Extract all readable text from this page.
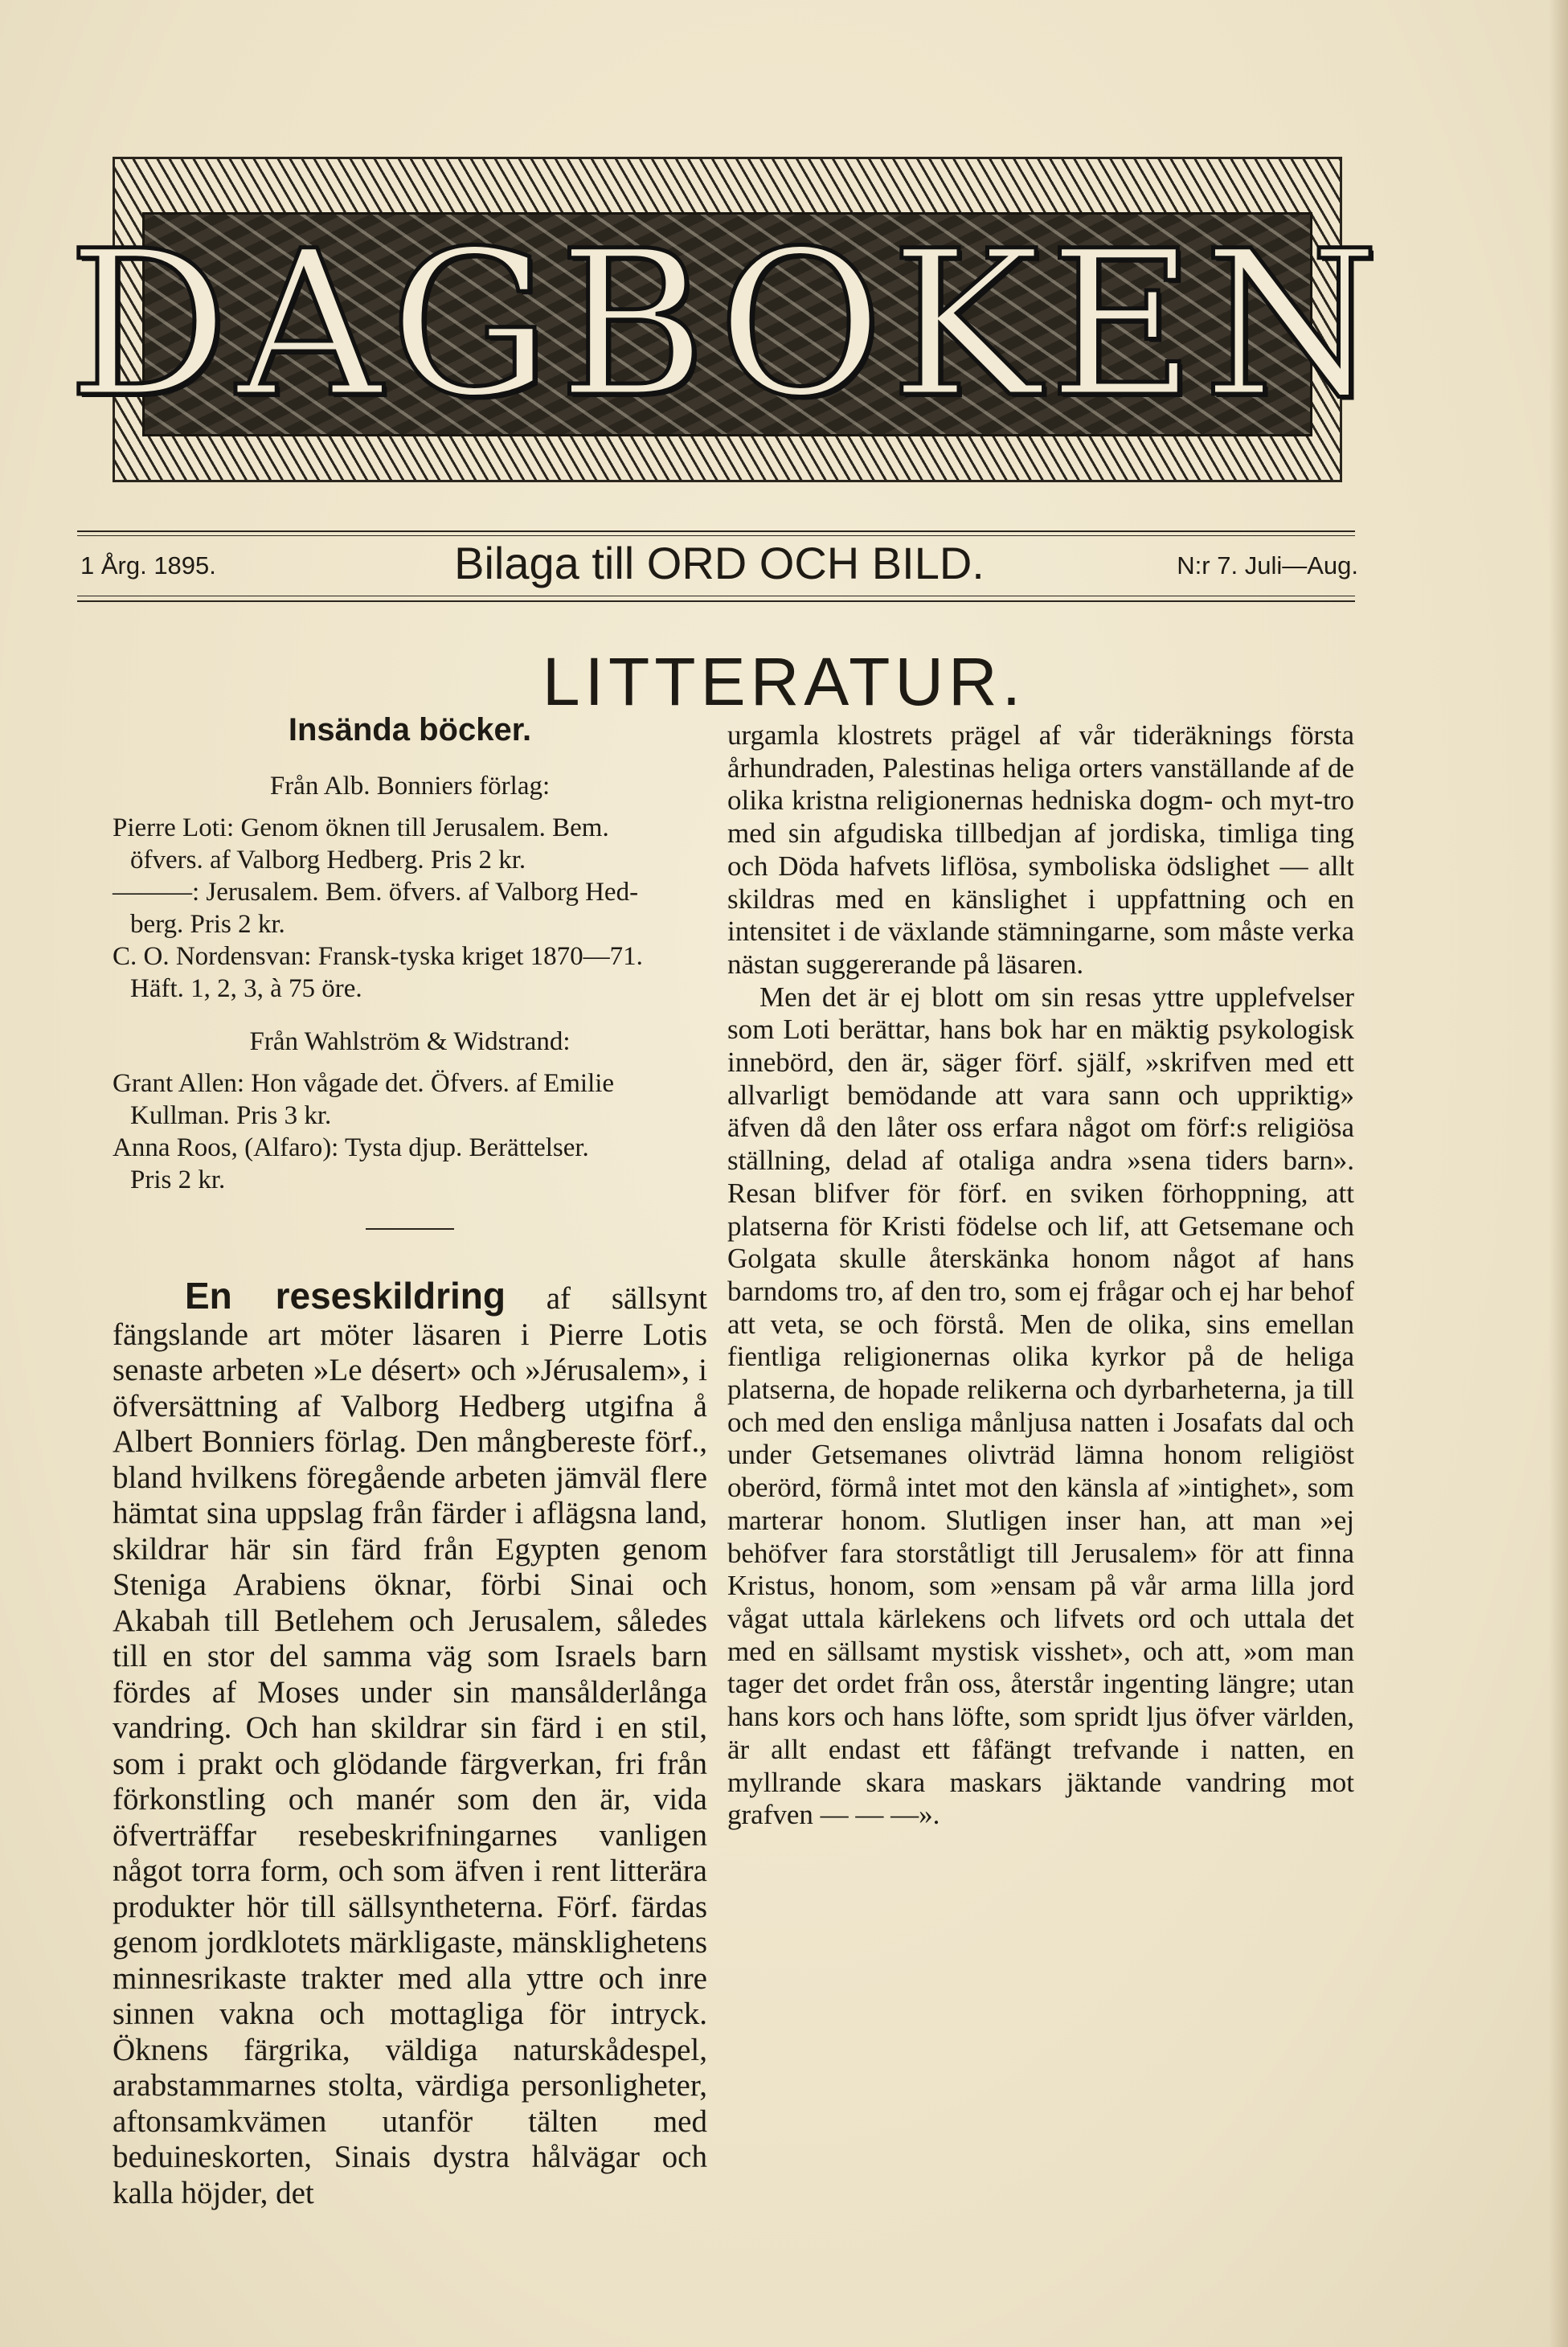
DAGBOKEN
1 Årg. 1895.	Bilaga till ORD OCH BILD.	N:r 7. Juli—Aug.
LITTERATUR.
Insända böcker.
Från Alb. Bonniers förlag:
Pierre Loti: Genom öknen till Jerusalem. Bem.
öfvers. af Valborg Hedberg. Pris 2 kr.
———: Jerusalem. Bem. öfvers. af Valborg Hed-
berg. Pris 2 kr.
C. O. Nordensvan: Fransk-tyska kriget 1870—71.
Häft. 1, 2, 3, à 75 öre.
Från Wahlström & Widstrand:
Grant Allen: Hon vågade det. Öfvers. af Emilie
Kullman. Pris 3 kr.
Anna Roos, (Alfaro): Tysta djup. Berättelser.
Pris 2 kr.
En reseskildring af sällsynt fängslande art möter läsaren i Pierre Lotis senaste arbeten »Le désert» och »Jérusalem», i öfversättning af Valborg Hedberg utgifna å Albert Bonniers förlag. Den mångbereste förf., bland hvilkens föregående arbeten jämväl flere hämtat sina uppslag från färder i aflägsna land, skildrar här sin färd från Egypten genom Steniga Arabiens öknar, förbi Sinai och Akabah till Betlehem och Jerusalem, således till en stor del samma väg som Israels barn fördes af Moses under sin mansålderlånga vandring. Och han skildrar sin färd i en stil, som i prakt och glödande färgverkan, fri från förkonstling och manér som den är, vida öfverträffar resebeskrifningarnes vanligen något torra form, och som äfven i rent litterära produkter hör till sällsyntheterna. Förf. färdas genom jordklotets märkligaste, mänsklighetens minnesrikaste trakter med alla yttre och inre sinnen vakna och mottagliga för intryck. Öknens färgrika, väldiga naturskådespel, arabstammarnes stolta, värdiga personligheter, aftonsamkvämen utanför tälten med beduineskorten, Sinais dystra hålvägar och kalla höjder, det

urgamla klostrets prägel af vår tideräknings första århundraden, Palestinas heliga orters vanställande af de olika kristna religionernas hedniska dogm- och myt-tro med sin afgudiska tillbedjan af jordiska, timliga ting och Döda hafvets liflösa, symboliska ödslighet — allt skildras med en känslighet i uppfattning och en intensitet i de växlande stämningarne, som måste verka nästan suggererande på läsaren.

Men det är ej blott om sin resas yttre upplefvelser som Loti berättar, hans bok har en mäktig psykologisk innebörd, den är, säger förf. själf, »skrifven med ett allvarligt bemödande att vara sann och uppriktig» äfven då den låter oss erfara något om förf:s religiösa ställning, delad af otaliga andra »sena tiders barn». Resan blifver för förf. en sviken förhoppning, att platserna för Kristi födelse och lif, att Getsemane och Golgata skulle återskänka honom något af hans barndoms tro, af den tro, som ej frågar och ej har behof att veta, se och förstå. Men de olika, sins emellan fientliga religionernas olika kyrkor på de heliga platserna, de hopade relikerna och dyrbarheterna, ja till och med den ensliga månljusa natten i Josafats dal och under Getsemanes olivträd lämna honom religiöst oberörd, förmå intet mot den känsla af »intighet», som marterar honom. Slutligen inser han, att man »ej behöfver fara storståtligt till Jerusalem» för att finna Kristus, honom, som »ensam på vår arma lilla jord vågat uttala kärlekens och lifvets ord och uttala det med en sällsamt mystisk visshet», och att, »om man tager det ordet från oss, återstår ingenting längre; utan hans kors och hans löfte, som spridt ljus öfver världen, är allt endast ett fåfängt trefvande i natten, en myllrande skara maskars jäktande vandring mot grafven — — —».
